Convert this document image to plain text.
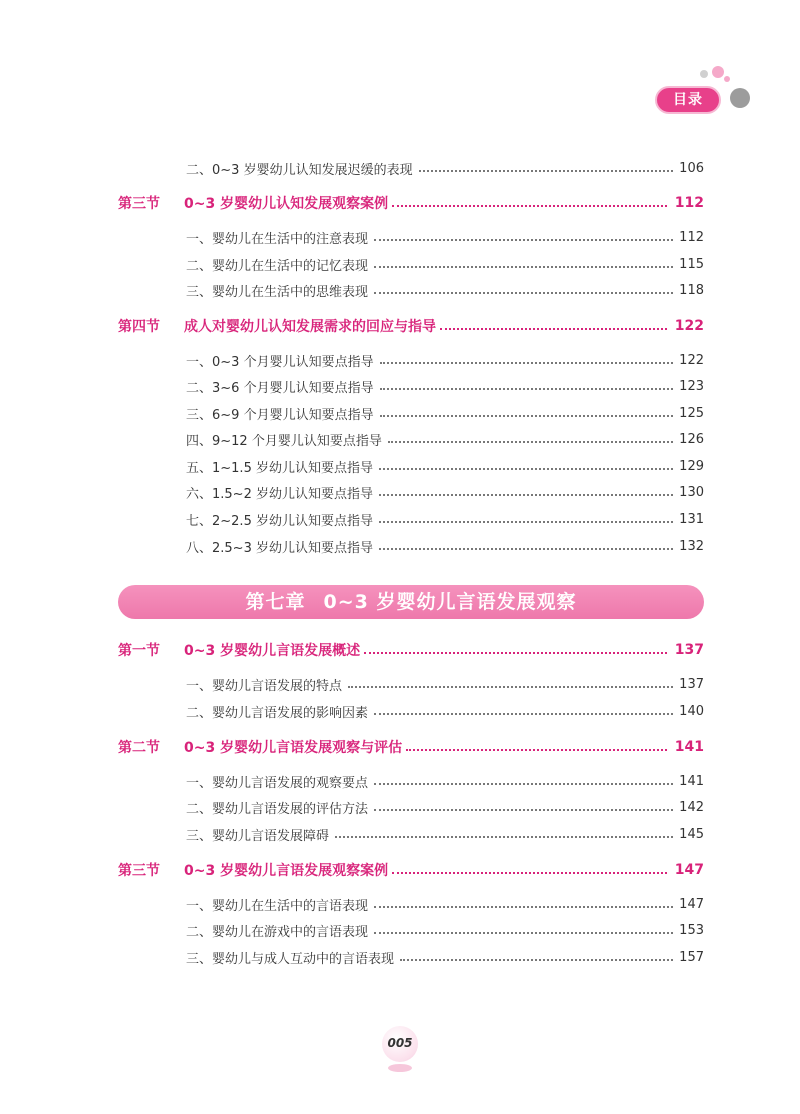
目录
二、0~3 岁婴幼儿认知发展迟缓的表现	106
第三节	0~3 岁婴幼儿认知发展观察案例	112
一、婴幼儿在生活中的注意表现	112
二、婴幼儿在生活中的记忆表现	115
三、婴幼儿在生活中的思维表现	118
第四节	成人对婴幼儿认知发展需求的回应与指导	122
一、0~3 个月婴儿认知要点指导	122
二、3~6 个月婴儿认知要点指导	123
三、6~9 个月婴儿认知要点指导	125
四、9~12 个月婴儿认知要点指导	126
五、1~1.5 岁幼儿认知要点指导	129
六、1.5~2 岁幼儿认知要点指导	130
七、2~2.5 岁幼儿认知要点指导	131
八、2.5~3 岁幼儿认知要点指导	132
第七章 0~3 岁婴幼儿言语发展观察
第一节	0~3 岁婴幼儿言语发展概述	137
一、婴幼儿言语发展的特点	137
二、婴幼儿言语发展的影响因素	140
第二节	0~3 岁婴幼儿言语发展观察与评估	141
一、婴幼儿言语发展的观察要点	141
二、婴幼儿言语发展的评估方法	142
三、婴幼儿言语发展障碍	145
第三节	0~3 岁婴幼儿言语发展观察案例	147
一、婴幼儿在生活中的言语表现	147
二、婴幼儿在游戏中的言语表现	153
三、婴幼儿与成人互动中的言语表现	157
005
